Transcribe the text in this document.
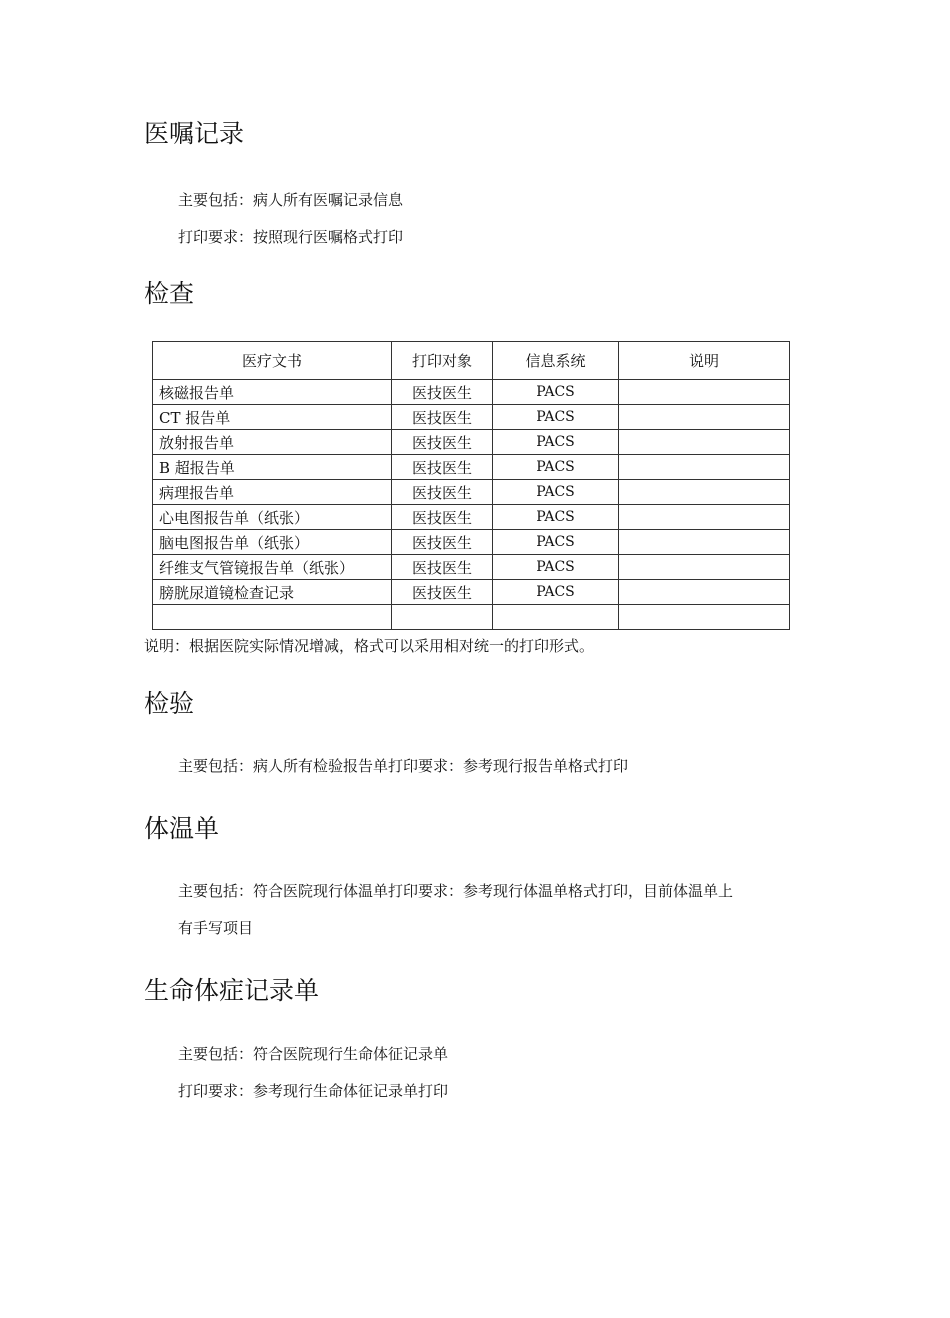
医嘱记录
主要包括：病人所有医嘱记录信息
打印要求：按照现行医嘱格式打印
检查
医疗文书	打印对象	信息系统	说明
核磁报告单	医技医生	PACS	
CT 报告单	医技医生	PACS	
放射报告单	医技医生	PACS	
B 超报告单	医技医生	PACS	
病理报告单	医技医生	PACS	
心电图报告单（纸张）	医技医生	PACS	
脑电图报告单（纸张）	医技医生	PACS	
纤维支气管镜报告单（纸张）	医技医生	PACS	
膀胱尿道镜检查记录	医技医生	PACS	

说明：根据医院实际情况增减，格式可以采用相对统一的打印形式。
检验
主要包括：病人所有检验报告单打印要求：参考现行报告单格式打印
体温单
主要包括：符合医院现行体温单打印要求：参考现行体温单格式打印，目前体温单上
有手写项目
生命体症记录单
主要包括：符合医院现行生命体征记录单
打印要求：参考现行生命体征记录单打印
